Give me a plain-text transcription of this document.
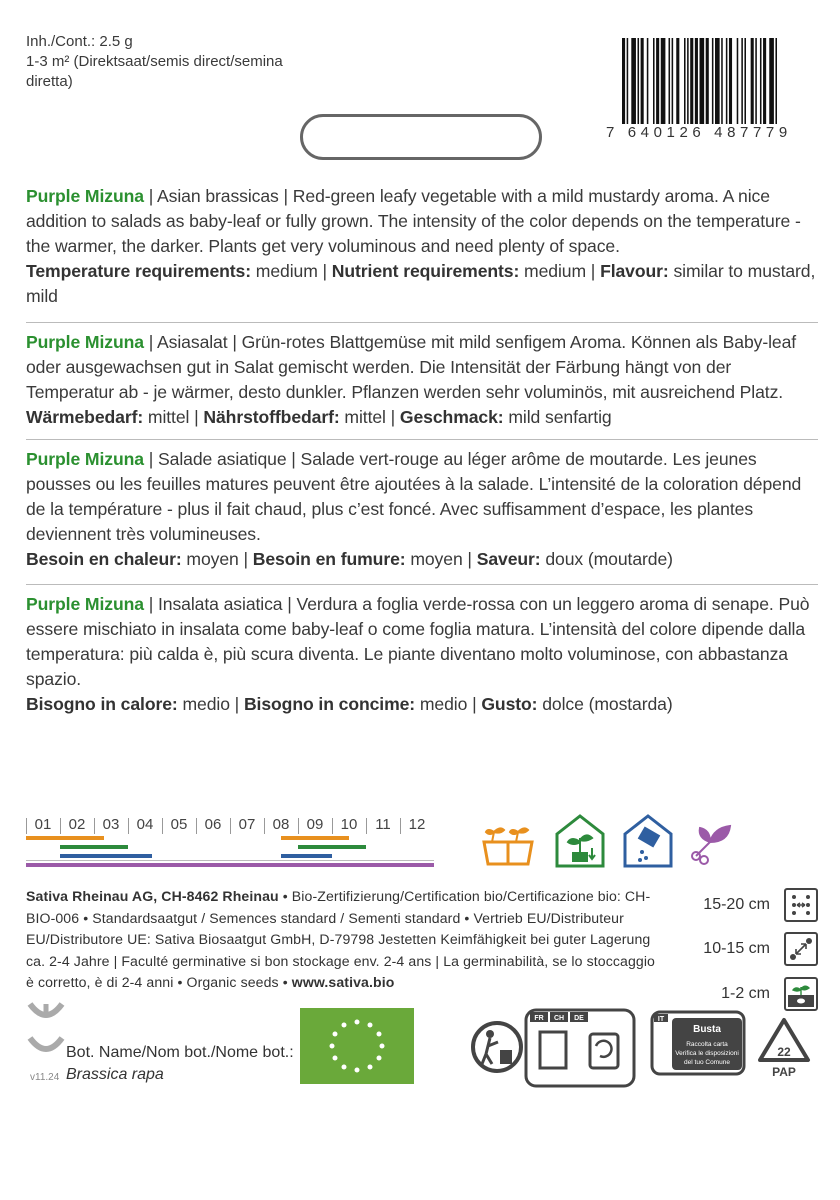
Inh./Cont.: 2.5 g
1-3 m² (Direktsaat/semis direct/semina
diretta)
7 640126 487779

Purple Mizuna | Asian brassicas | Red-green leafy vegetable with a mild mustardy aroma. A nice addition to salads as baby-leaf or fully grown. The intensity of the color depends on the temperature - the warmer, the darker. Plants get very voluminous and need plenty of space.

Temperature requirements: medium | Nutrient requirements: medium | Flavour: similar to mustard, mild

Purple Mizuna | Asiasalat | Grün-rotes Blattgemüse mit mild senfigem Aroma. Können als Baby-leaf oder ausgewachsen gut in Salat gemischt werden. Die Intensität der Färbung hängt von der Temperatur ab - je wärmer, desto dunkler. Pflanzen werden sehr voluminös, mit ausreichend Platz.

Wärmebedarf: mittel | Nährstoffbedarf: mittel | Geschmack: mild senfartig

Purple Mizuna | Salade asiatique | Salade vert-rouge au léger arôme de moutarde. Les jeunes pousses ou les feuilles matures peuvent être ajoutées à la salade. L’intensité de la coloration dépend de la température - plus il fait chaud, plus c’est foncé. Avec suffisamment d’espace, les plantes deviennent très volumineuses.

Besoin en chaleur: moyen | Besoin en fumure: moyen | Saveur: doux (moutarde)

Purple Mizuna | Insalata asiatica | Verdura a foglia verde-rossa con un leggero aroma di senape. Può essere mischiato in insalata come baby-leaf o come foglia matura. L’intensità del colore dipende dalla temperatura: più calda è, più scura diventa. Le piante diventano molto voluminose, con abbastanza spazio.

Bisogno in calore: medio | Bisogno in concime: medio | Gusto: dolce (mostarda)

01	02	03	04	05	06	07	08	09	10	11	12
Sativa Rheinau AG, CH-8462 Rheinau • Bio-Zertifizierung/Certification bio/Certificazione bio: CH-BIO-006 • Standardsaatgut / Semences standard / Sementi standard • Vertrieb EU/Distributeur EU/Distributore UE: Sativa Biosaatgut GmbH, D-79798 Jestetten Keimfähigkeit bei guter Lagerung ca. 2-4 Jahre | Faculté germinative si bon stockage env. 2-4 ans | La germinabilità, se lo stoccaggio è corretto, è di 2-4 anni • Organic seeds • www.sativa.bio
15-20 cm
10-15 cm
1-2 cm
Bot. Name/Nom bot./Nome bot.:
Brassica rapa
v11.24
FR CH DE	IT
Busta
Raccolta carta
Verifica le disposizioni
del tuo Comune
22
PAP
